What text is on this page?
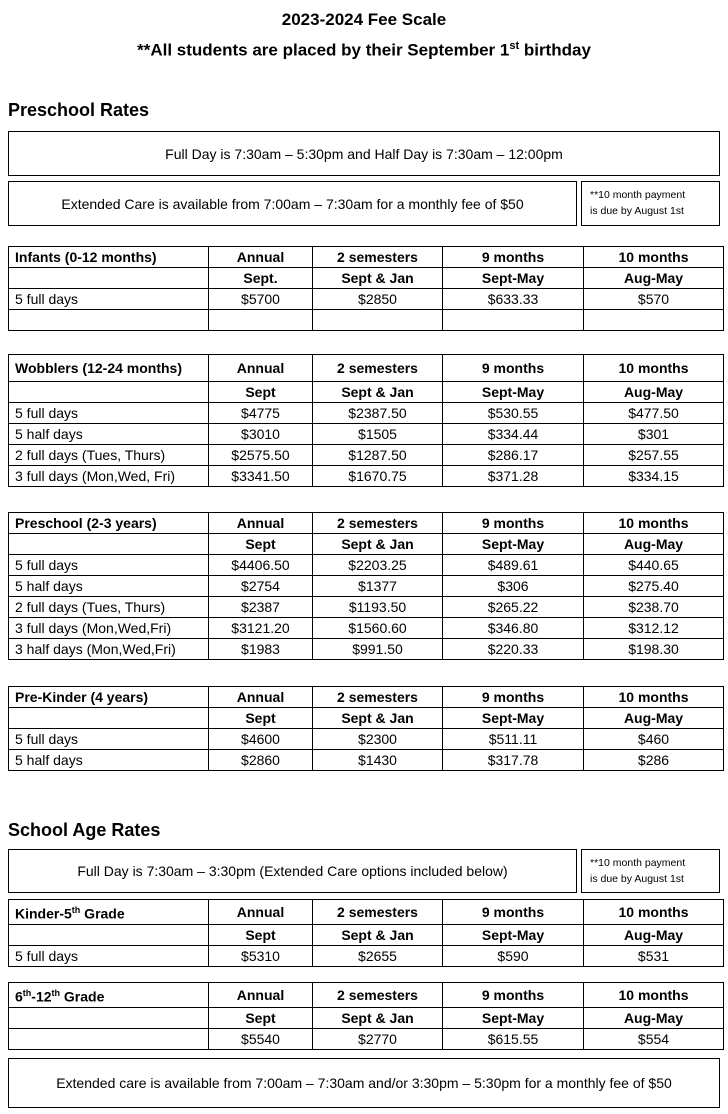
2023-2024 Fee Scale
**All students are placed by their September 1st birthday
Preschool Rates
Full Day is 7:30am – 5:30pm and Half Day is 7:30am – 12:00pm
Extended Care is available from 7:00am – 7:30am for a monthly fee of $50
**10 month payment
is due by August 1st
Infants (0-12 months)	Annual	2 semesters	9 months	10 months
	Sept.	Sept & Jan	Sept-May	Aug-May
5 full days	$5700	$2850	$633.33	$570

Wobblers (12-24 months)	Annual	2 semesters	9 months	10 months
	Sept	Sept & Jan	Sept-May	Aug-May
5 full days	$4775	$2387.50	$530.55	$477.50
5 half days	$3010	$1505	$334.44	$301
2 full days (Tues, Thurs)	$2575.50	$1287.50	$286.17	$257.55
3 full days (Mon,Wed, Fri)	$3341.50	$1670.75	$371.28	$334.15
Preschool (2-3 years)	Annual	2 semesters	9 months	10 months
	Sept	Sept & Jan	Sept-May	Aug-May
5 full days	$4406.50	$2203.25	$489.61	$440.65
5 half days	$2754	$1377	$306	$275.40
2 full days (Tues, Thurs)	$2387	$1193.50	$265.22	$238.70
3 full days (Mon,Wed,Fri)	$3121.20	$1560.60	$346.80	$312.12
3 half days (Mon,Wed,Fri)	$1983	$991.50	$220.33	$198.30
Pre-Kinder (4 years)	Annual	2 semesters	9 months	10 months
	Sept	Sept & Jan	Sept-May	Aug-May
5 full days	$4600	$2300	$511.11	$460
5 half days	$2860	$1430	$317.78	$286
School Age Rates
Full Day is 7:30am – 3:30pm (Extended Care options included below)	**10 month payment
is due by August 1st
Kinder-5th Grade	Annual	2 semesters	9 months	10 months
	Sept	Sept & Jan	Sept-May	Aug-May
5 full days	$5310	$2655	$590	$531
6th-12th Grade	Annual	2 semesters	9 months	10 months
	Sept	Sept & Jan	Sept-May	Aug-May
	$5540	$2770	$615.55	$554
Extended care is available from 7:00am – 7:30am and/or 3:30pm – 5:30pm for a monthly fee of $50
